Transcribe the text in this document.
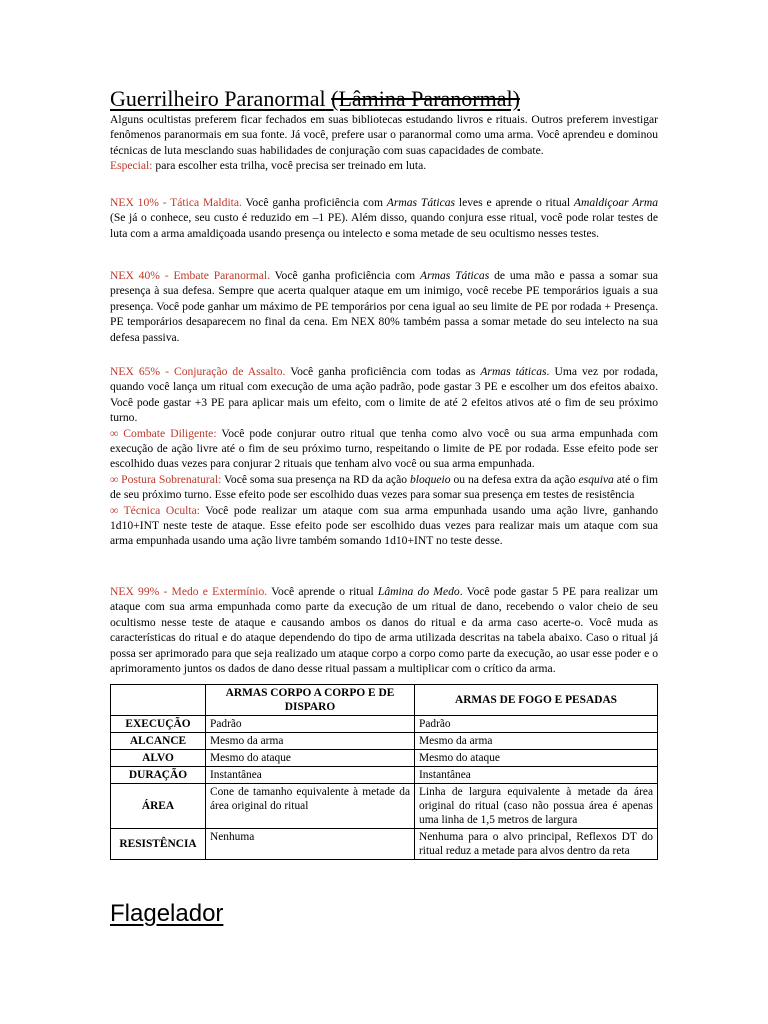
Guerrilheiro Paranormal (Lâmina Paranormal)
Alguns ocultistas preferem ficar fechados em suas bibliotecas estudando livros e rituais. Outros preferem investigar fenômenos paranormais em sua fonte. Já você, prefere usar o paranormal como uma arma. Você aprendeu e dominou técnicas de luta mesclando suas habilidades de conjuração com suas capacidades de combate.
Especial: para escolher esta trilha, você precisa ser treinado em luta.
NEX 10% - Tática Maldita. Você ganha proficiência com Armas Táticas leves e aprende o ritual Amaldiçoar Arma (Se já o conhece, seu custo é reduzido em –1 PE). Além disso, quando conjura esse ritual, você pode rolar testes de luta com a arma amaldiçoada usando presença ou intelecto e soma metade de seu ocultismo nesses testes.
NEX 40% - Embate Paranormal. Você ganha proficiência com Armas Táticas de uma mão e passa a somar sua presença à sua defesa. Sempre que acerta qualquer ataque em um inimigo, você recebe PE temporários iguais a sua presença. Você pode ganhar um máximo de PE temporários por cena igual ao seu limite de PE por rodada + Presença. PE temporários desaparecem no final da cena. Em NEX 80% também passa a somar metade do seu intelecto na sua defesa passiva.
NEX 65% - Conjuração de Assalto. Você ganha proficiência com todas as Armas táticas. Uma vez por rodada, quando você lança um ritual com execução de uma ação padrão, pode gastar 3 PE e escolher um dos efeitos abaixo. Você pode gastar +3 PE para aplicar mais um efeito, com o limite de até 2 efeitos ativos até o fim de seu próximo turno.
∞ Combate Diligente: Você pode conjurar outro ritual que tenha como alvo você ou sua arma empunhada com execução de ação livre até o fim de seu próximo turno, respeitando o limite de PE por rodada. Esse efeito pode ser escolhido duas vezes para conjurar 2 rituais que tenham alvo você ou sua arma empunhada.
∞ Postura Sobrenatural: Você soma sua presença na RD da ação bloqueio ou na defesa extra da ação esquiva até o fim de seu próximo turno. Esse efeito pode ser escolhido duas vezes para somar sua presença em testes de resistência
∞ Técnica Oculta: Você pode realizar um ataque com sua arma empunhada usando uma ação livre, ganhando 1d10+INT neste teste de ataque. Esse efeito pode ser escolhido duas vezes para realizar mais um ataque com sua arma empunhada usando uma ação livre também somando 1d10+INT no teste desse.
NEX 99% - Medo e Extermínio. Você aprende o ritual Lâmina do Medo. Você pode gastar 5 PE para realizar um ataque com sua arma empunhada como parte da execução de um ritual de dano, recebendo o valor cheio de seu ocultismo nesse teste de ataque e causando ambos os danos do ritual e da arma caso acerte-o. Você muda as características do ritual e do ataque dependendo do tipo de arma utilizada descritas na tabela abaixo. Caso o ritual já possa ser aprimorado para que seja realizado um ataque corpo a corpo como parte da execução, ao usar esse poder e o aprimoramento juntos os dados de dano desse ritual passam a multiplicar com o crítico da arma.
	ARMAS CORPO A CORPO E DE DISPARO	ARMAS DE FOGO E PESADAS
EXECUÇÃO	Padrão	Padrão
ALCANCE	Mesmo da arma	Mesmo da arma
ALVO	Mesmo do ataque	Mesmo do ataque
DURAÇÃO	Instantânea	Instantânea
ÁREA	Cone de tamanho equivalente à metade da área original do ritual	Linha de largura equivalente à metade da área original do ritual (caso não possua área é apenas uma linha de 1,5 metros de largura
RESISTÊNCIA	Nenhuma	Nenhuma para o alvo principal, Reflexos DT do ritual reduz a metade para alvos dentro da reta
Flagelador
